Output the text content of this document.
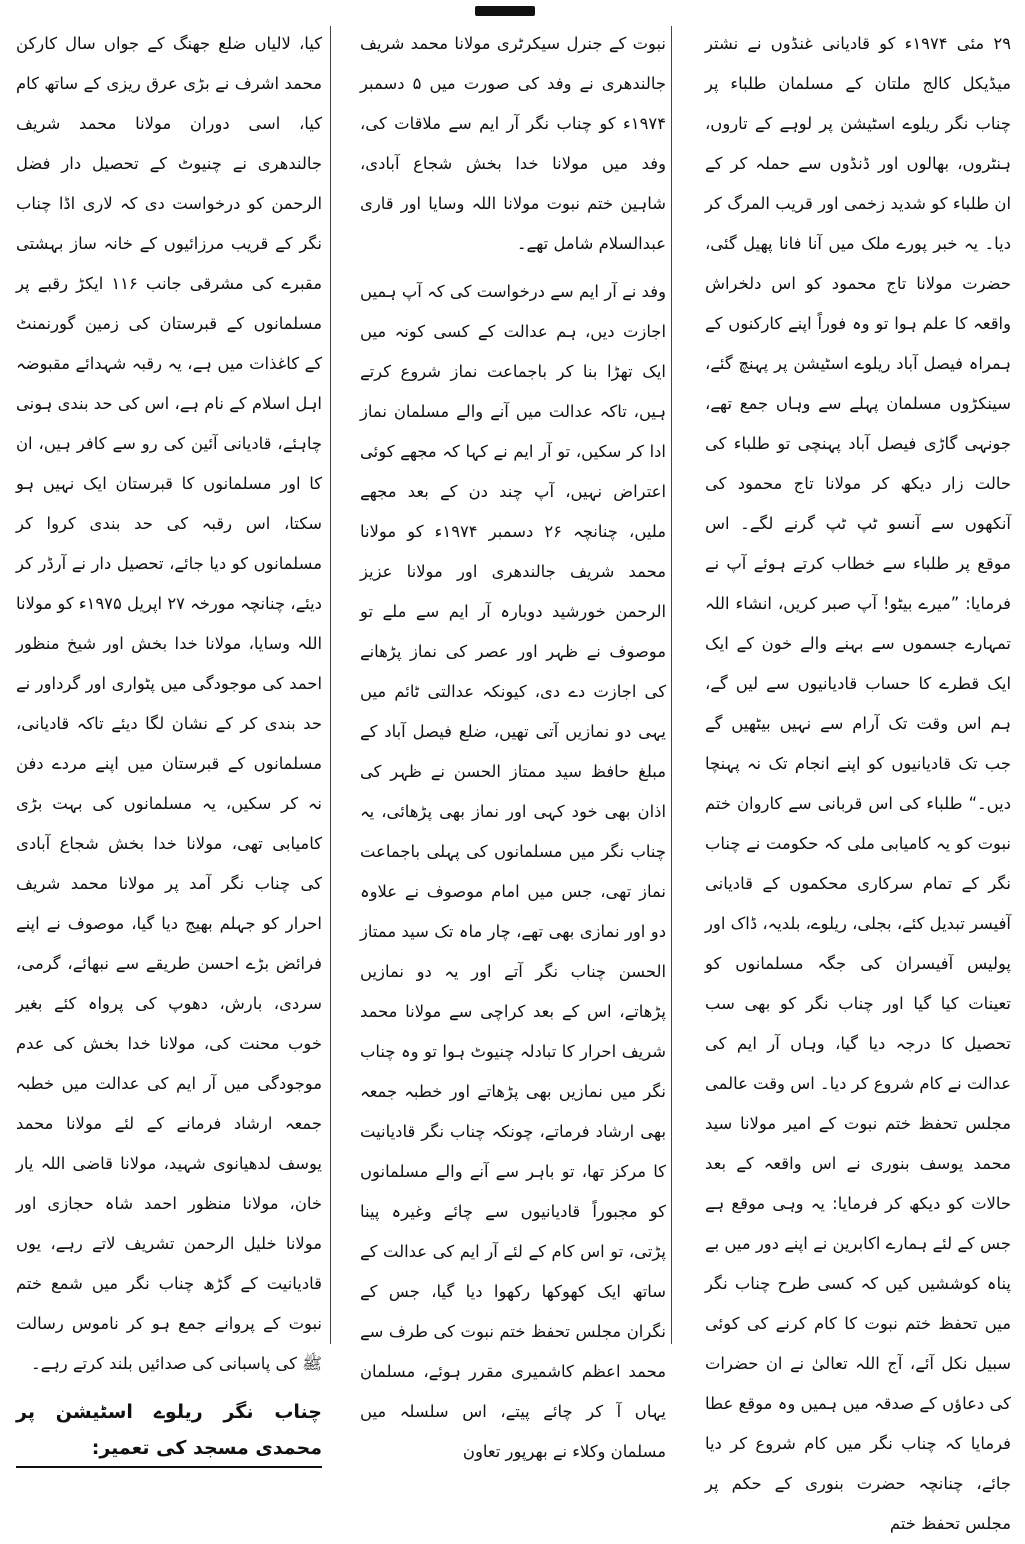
۲۹ مئی ۱۹۷۴ء کو قادیانی غنڈوں نے نشتر میڈیکل کالج ملتان کے مسلمان طلباء پر چناب نگر ریلوے اسٹیشن پر لوہے کے تاروں، ہنٹروں، بھالوں اور ڈنڈوں سے حملہ کر کے ان طلباء کو شدید زخمی اور قریب المرگ کر دیا۔ یہ خبر پورے ملک میں آنا فانا پھیل گئی، حضرت مولانا تاج محمود کو اس دلخراش واقعہ کا علم ہوا تو وہ فوراً اپنے کارکنوں کے ہمراہ فیصل آباد ریلوے اسٹیشن پر پہنچ گئے، سینکڑوں مسلمان پہلے سے وہاں جمع تھے، جونہی گاڑی فیصل آباد پہنچی تو طلباء کی حالت زار دیکھ کر مولانا تاج محمود کی آنکھوں سے آنسو ٹپ ٹپ گرنے لگے۔ اس موقع پر طلباء سے خطاب کرتے ہوئے آپ نے فرمایا: ”میرے بیٹو! آپ صبر کریں، انشاء اللہ تمہارے جسموں سے بہنے والے خون کے ایک ایک قطرے کا حساب قادیانیوں سے لیں گے، ہم اس وقت تک آرام سے نہیں بیٹھیں گے جب تک قادیانیوں کو اپنے انجام تک نہ پہنچا دیں۔“ طلباء کی اس قربانی سے کاروان ختم نبوت کو یہ کامیابی ملی کہ حکومت نے چناب نگر کے تمام سرکاری محکموں کے قادیانی آفیسر تبدیل کئے، بجلی، ریلوے، بلدیہ، ڈاک اور پولیس آفیسران کی جگہ مسلمانوں کو تعینات کیا گیا اور چناب نگر کو بھی سب تحصیل کا درجہ دیا گیا، وہاں آر ایم کی عدالت نے کام شروع کر دیا۔ اس وقت عالمی مجلس تحفظ ختم نبوت کے امیر مولانا سید محمد یوسف بنوری نے اس واقعہ کے بعد حالات کو دیکھ کر فرمایا: یہ وہی موقع ہے جس کے لئے ہمارے اکابرین نے اپنے دور میں بے پناہ کوششیں کیں کہ کسی طرح چناب نگر میں تحفظ ختم نبوت کا کام کرنے کی کوئی سبیل نکل آئے، آج اللہ تعالیٰ نے ان حضرات کی دعاؤں کے صدقہ میں ہمیں وہ موقع عطا فرمایا کہ چناب نگر میں کام شروع کر دیا جائے، چنانچہ حضرت بنوری کے حکم پر مجلس تحفظ ختم

نبوت کے جنرل سیکرٹری مولانا محمد شریف جالندھری نے وفد کی صورت میں ۵ دسمبر ۱۹۷۴ء کو چناب نگر آر ایم سے ملاقات کی، وفد میں مولانا خدا بخش شجاع آبادی، شاہین ختم نبوت مولانا اللہ وسایا اور قاری عبدالسلام شامل تھے۔

وفد نے آر ایم سے درخواست کی کہ آپ ہمیں اجازت دیں، ہم عدالت کے کسی کونہ میں ایک تھڑا بنا کر باجماعت نماز شروع کرتے ہیں، تاکہ عدالت میں آنے والے مسلمان نماز ادا کر سکیں، تو آر ایم نے کہا کہ مجھے کوئی اعتراض نہیں، آپ چند دن کے بعد مجھے ملیں، چنانچہ ۲۶ دسمبر ۱۹۷۴ء کو مولانا محمد شریف جالندھری اور مولانا عزیز الرحمن خورشید دوبارہ آر ایم سے ملے تو موصوف نے ظہر اور عصر کی نماز پڑھانے کی اجازت دے دی، کیونکہ عدالتی ٹائم میں یہی دو نمازیں آتی تھیں، ضلع فیصل آباد کے مبلغ حافظ سید ممتاز الحسن نے ظہر کی اذان بھی خود کہی اور نماز بھی پڑھائی، یہ چناب نگر میں مسلمانوں کی پہلی باجماعت نماز تھی، جس میں امام موصوف نے علاوہ دو اور نمازی بھی تھے، چار ماہ تک سید ممتاز الحسن چناب نگر آتے اور یہ دو نمازیں پڑھاتے، اس کے بعد کراچی سے مولانا محمد شریف احرار کا تبادلہ چنیوٹ ہوا تو وہ چناب نگر میں نمازیں بھی پڑھاتے اور خطبہ جمعہ بھی ارشاد فرماتے، چونکہ چناب نگر قادیانیت کا مرکز تھا، تو باہر سے آنے والے مسلمانوں کو مجبوراً قادیانیوں سے چائے وغیرہ پینا پڑتی، تو اس کام کے لئے آر ایم کی عدالت کے ساتھ ایک کھوکھا رکھوا دیا گیا، جس کے نگران مجلس تحفظ ختم نبوت کی طرف سے محمد اعظم کاشمیری مقرر ہوئے، مسلمان یہاں آ کر چائے پیتے، اس سلسلہ میں مسلمان وکلاء نے بھرپور تعاون

کیا، لالیاں ضلع جھنگ کے جواں سال کارکن محمد اشرف نے بڑی عرق ریزی کے ساتھ کام کیا، اسی دوران مولانا محمد شریف جالندھری نے چنیوٹ کے تحصیل دار فضل الرحمن کو درخواست دی کہ لاری اڈا چناب نگر کے قریب مرزائیوں کے خانہ ساز بہشتی مقبرے کی مشرقی جانب ۱۱۶ ایکڑ رقبے پر مسلمانوں کے قبرستان کی زمین گورنمنٹ کے کاغذات میں ہے، یہ رقبہ شہدائے مقبوضہ اہل اسلام کے نام ہے، اس کی حد بندی ہونی چاہئے، قادیانی آئین کی رو سے کافر ہیں، ان کا اور مسلمانوں کا قبرستان ایک نہیں ہو سکتا، اس رقبہ کی حد بندی کروا کر مسلمانوں کو دیا جائے، تحصیل دار نے آرڈر کر دیئے، چنانچہ مورخہ ۲۷ اپریل ۱۹۷۵ء کو مولانا اللہ وسایا، مولانا خدا بخش اور شیخ منظور احمد کی موجودگی میں پٹواری اور گرداور نے حد بندی کر کے نشان لگا دیئے تاکہ قادیانی، مسلمانوں کے قبرستان میں اپنے مردے دفن نہ کر سکیں، یہ مسلمانوں کی بہت بڑی کامیابی تھی، مولانا خدا بخش شجاع آبادی کی چناب نگر آمد پر مولانا محمد شریف احرار کو جہلم بھیج دیا گیا، موصوف نے اپنے فرائض بڑے احسن طریقے سے نبھائے، گرمی، سردی، بارش، دھوپ کی پرواہ کئے بغیر خوب محنت کی، مولانا خدا بخش کی عدم موجودگی میں آر ایم کی عدالت میں خطبہ جمعہ ارشاد فرمانے کے لئے مولانا محمد یوسف لدھیانوی شہید، مولانا قاضی اللہ یار خان، مولانا منظور احمد شاہ حجازی اور مولانا خلیل الرحمن تشریف لاتے رہے، یوں قادیانیت کے گڑھ چناب نگر میں شمع ختم نبوت کے پروانے جمع ہو کر ناموس رسالت ﷺ کی پاسبانی کی صدائیں بلند کرتے رہے۔

چناب نگر ریلوے اسٹیشن پر محمدی مسجد کی تعمیر:
